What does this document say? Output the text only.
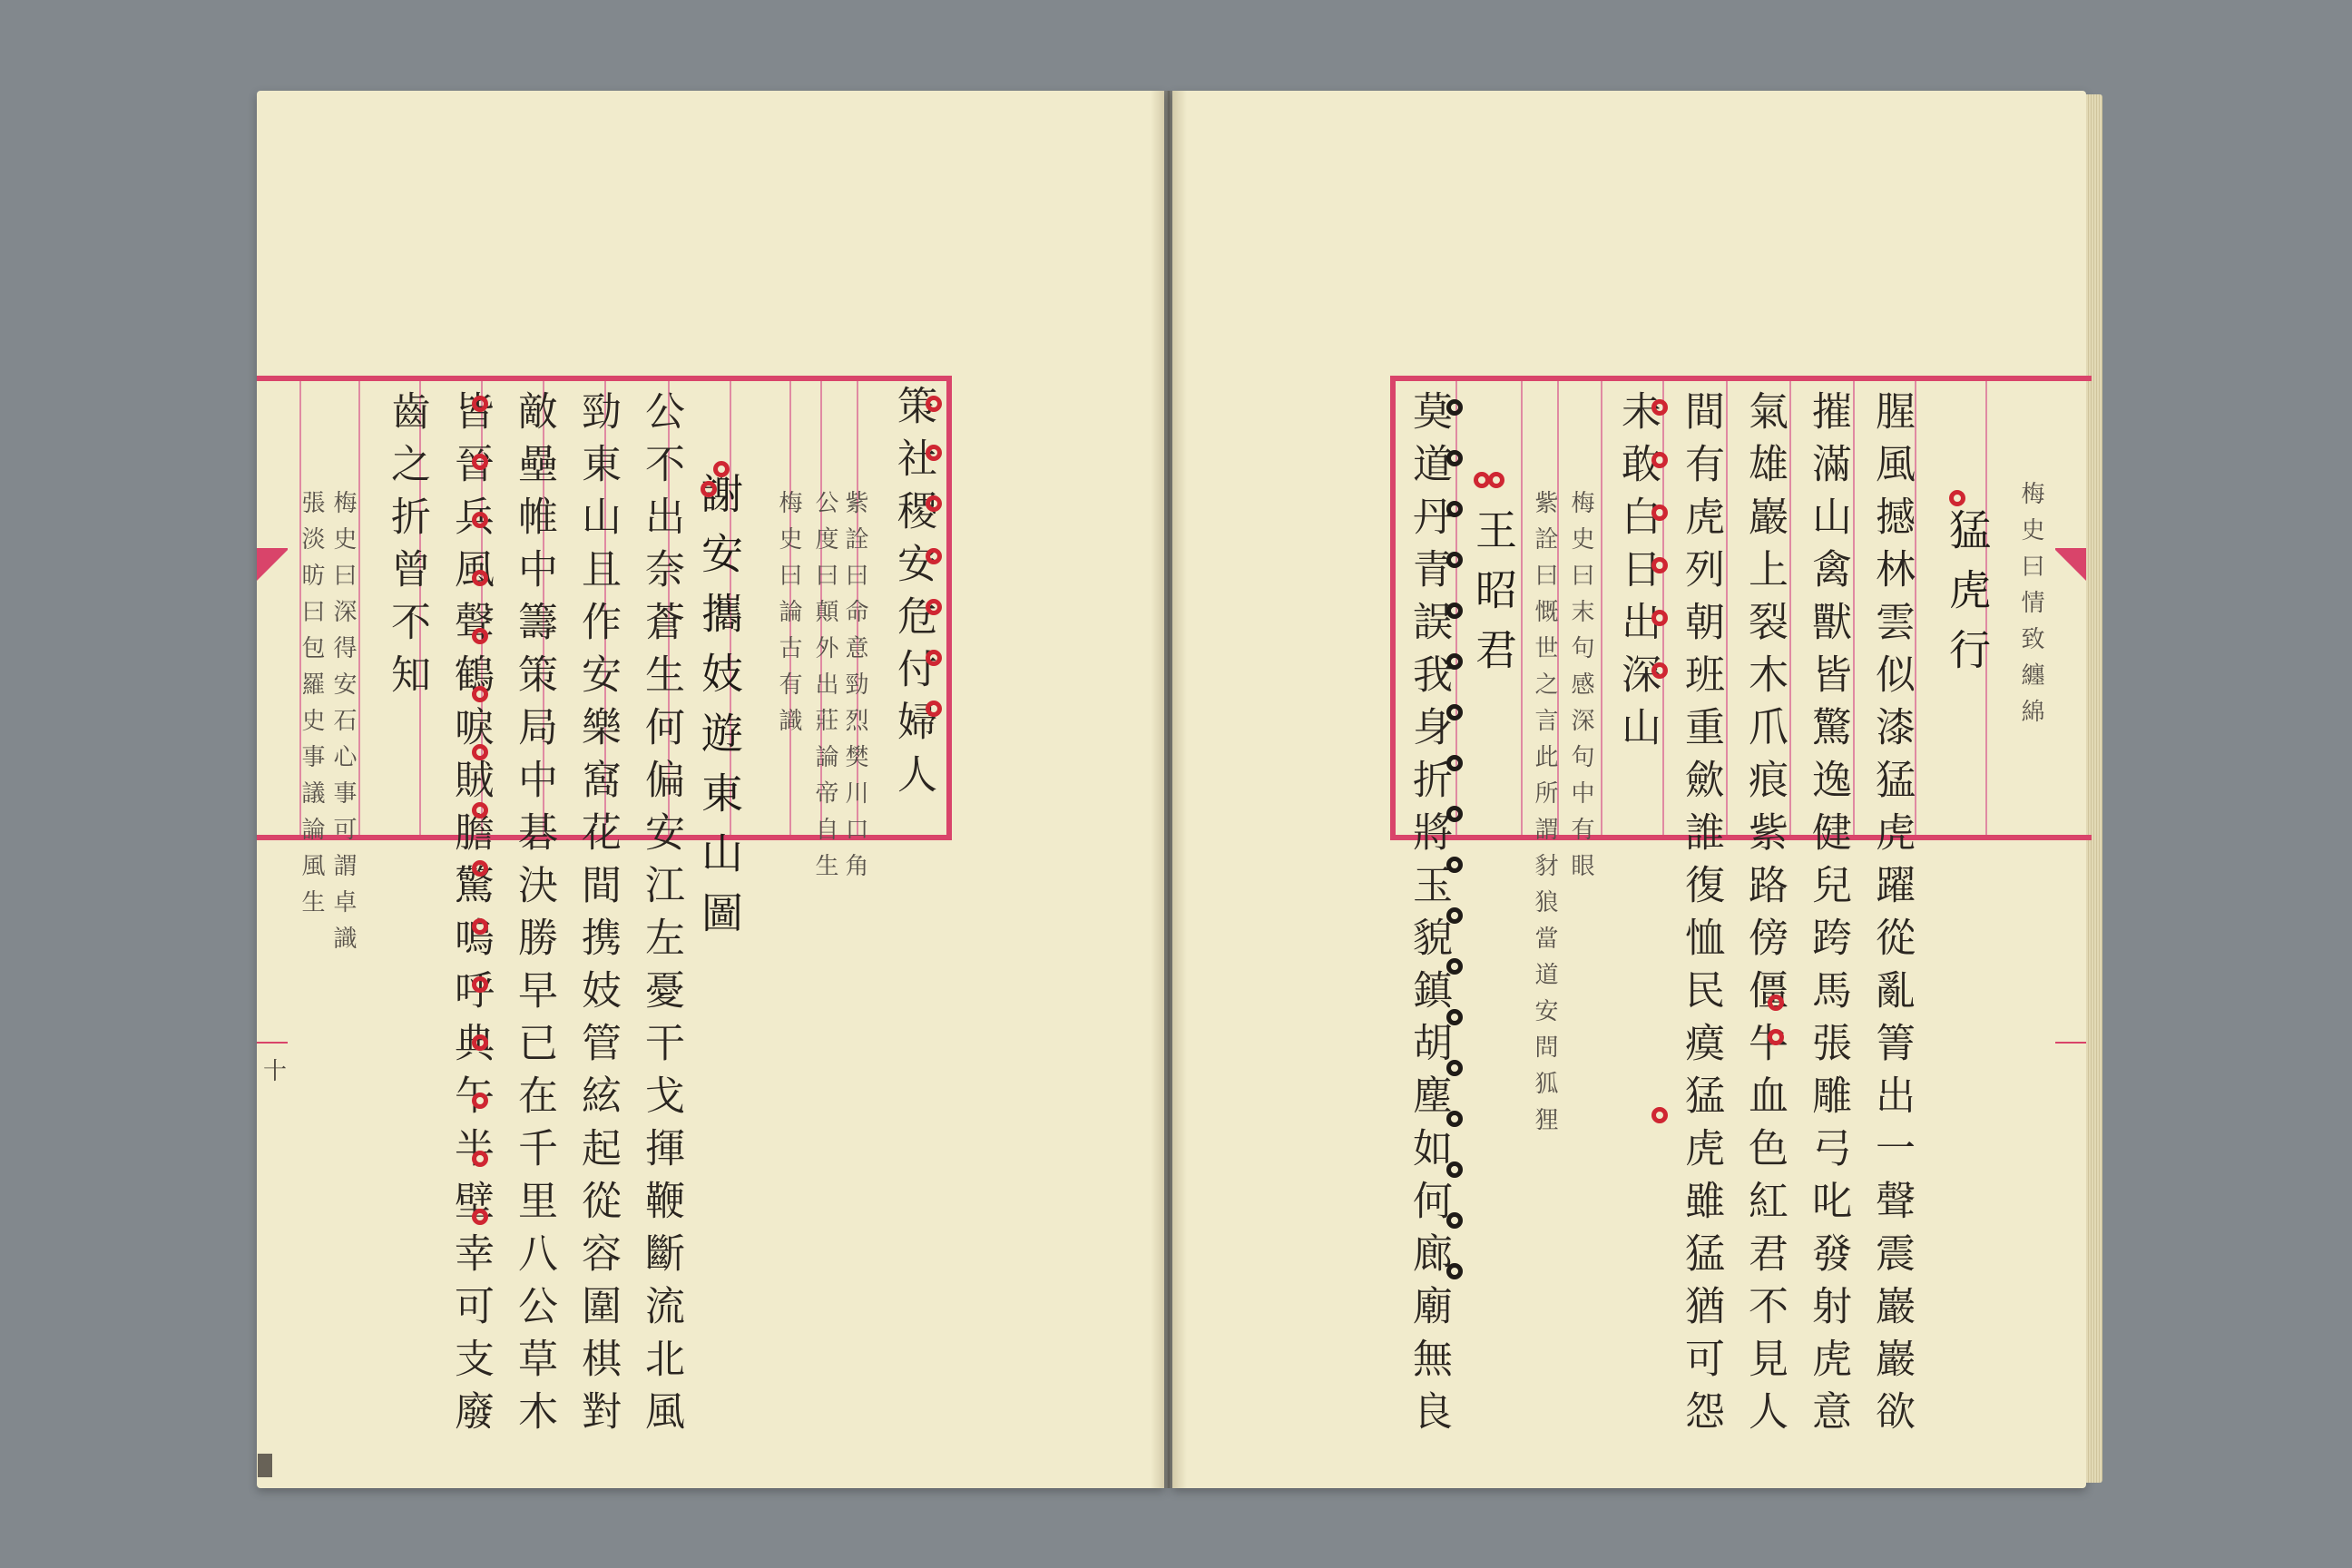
策社稷安危付婦人
紫詮曰命意勁烈樊川口角
公度曰顛外出莊論帝自生
梅史曰論古有識
謝安攜妓遊東山圖
公不出奈蒼生何偏安江左憂干戈揮鞭斷流北風
勁東山且作安樂窩花間携妓管絃起從容圍棋對
敵壘帷中籌策局中碁決勝早已在千里八公草木
皆晉兵風聲鶴唳賊膽驚嗚呼典午半壁幸可支廢
齒之折曾不知
梅史曰深得安石心事可謂卓識
張淡昉曰包羅史事議論風生
十
梅史曰情致纏綿
猛虎行
腥風撼林雲似漆猛虎躍從亂箐出一聲震巖巖欲
摧滿山禽獸皆驚逸健兒跨馬張雕弓叱發射虎意
氣雄巖上裂木爪痕紫路傍僵牛血色紅君不見人
間有虎列朝班重歛誰復恤民瘼猛虎雖猛猶可怨
未敢白日出深山
梅史曰末句感深句中有眼
紫詮曰慨世之言此所謂豺狼當道安問狐狸
王昭君
莫道丹青誤我身折將玉貌鎮胡塵如何廊廟無良
